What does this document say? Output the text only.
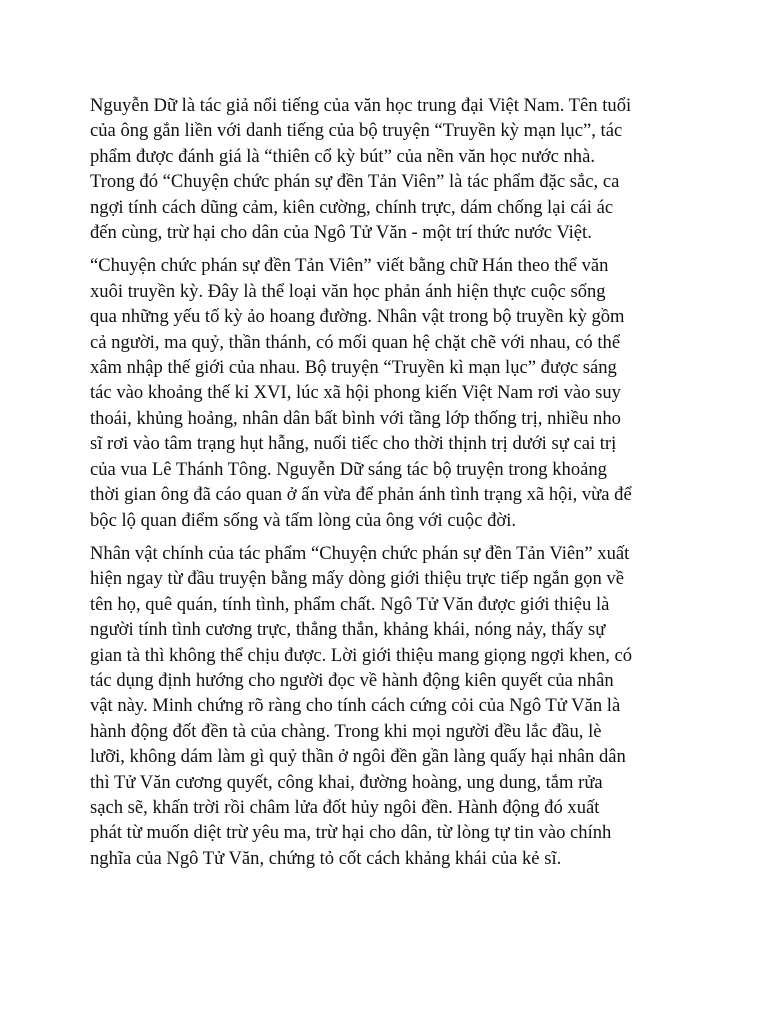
Nguyễn Dữ là tác giả nổi tiếng của văn học trung đại Việt Nam. Tên tuổi
của ông gắn liền với danh tiếng của bộ truyện “Truyền kỳ mạn lục”, tác
phẩm được đánh giá là “thiên cổ kỳ bút” của nền văn học nước nhà.
Trong đó “Chuyện chức phán sự đền Tản Viên” là tác phẩm đặc sắc, ca
ngợi tính cách dũng cảm, kiên cường, chính trực, dám chống lại cái ác
đến cùng, trừ hại cho dân của Ngô Tử Văn - một trí thức nước Việt.

“Chuyện chức phán sự đền Tản Viên” viết bằng chữ Hán theo thể văn
xuôi truyền kỳ. Đây là thể loại văn học phản ánh hiện thực cuộc sống
qua những yếu tố kỳ ảo hoang đường. Nhân vật trong bộ truyền kỳ gồm
cả người, ma quỷ, thần thánh, có mối quan hệ chặt chẽ với nhau, có thể
xâm nhập thế giới của nhau. Bộ truyện “Truyền kì mạn lục” được sáng
tác vào khoảng thế kỉ XVI, lúc xã hội phong kiến Việt Nam rơi vào suy
thoái, khủng hoảng, nhân dân bất bình với tầng lớp thống trị, nhiều nho
sĩ rơi vào tâm trạng hụt hẫng, nuối tiếc cho thời thịnh trị dưới sự cai trị
của vua Lê Thánh Tông. Nguyễn Dữ sáng tác bộ truyện trong khoảng
thời gian ông đã cáo quan ở ẩn vừa để phản ánh tình trạng xã hội, vừa để
bộc lộ quan điểm sống và tấm lòng của ông với cuộc đời.

Nhân vật chính của tác phẩm “Chuyện chức phán sự đền Tản Viên” xuất
hiện ngay từ đầu truyện bằng mấy dòng giới thiệu trực tiếp ngắn gọn về
tên họ, quê quán, tính tình, phẩm chất. Ngô Tử Văn được giới thiệu là
người tính tình cương trực, thẳng thắn, khảng khái, nóng nảy, thấy sự
gian tà thì không thể chịu được. Lời giới thiệu mang giọng ngợi khen, có
tác dụng định hướng cho người đọc về hành động kiên quyết của nhân
vật này. Minh chứng rõ ràng cho tính cách cứng cỏi của Ngô Tử Văn là
hành động đốt đền tà của chàng. Trong khi mọi người đều lắc đầu, lè
lưỡi, không dám làm gì quỷ thần ở ngôi đền gần làng quấy hại nhân dân
thì Tử Văn cương quyết, công khai, đường hoàng, ung dung, tắm rửa
sạch sẽ, khấn trời rồi châm lửa đốt hủy ngôi đền. Hành động đó xuất
phát từ muốn diệt trừ yêu ma, trừ hại cho dân, từ lòng tự tin vào chính
nghĩa của Ngô Tử Văn, chứng tỏ cốt cách khảng khái của kẻ sĩ.
